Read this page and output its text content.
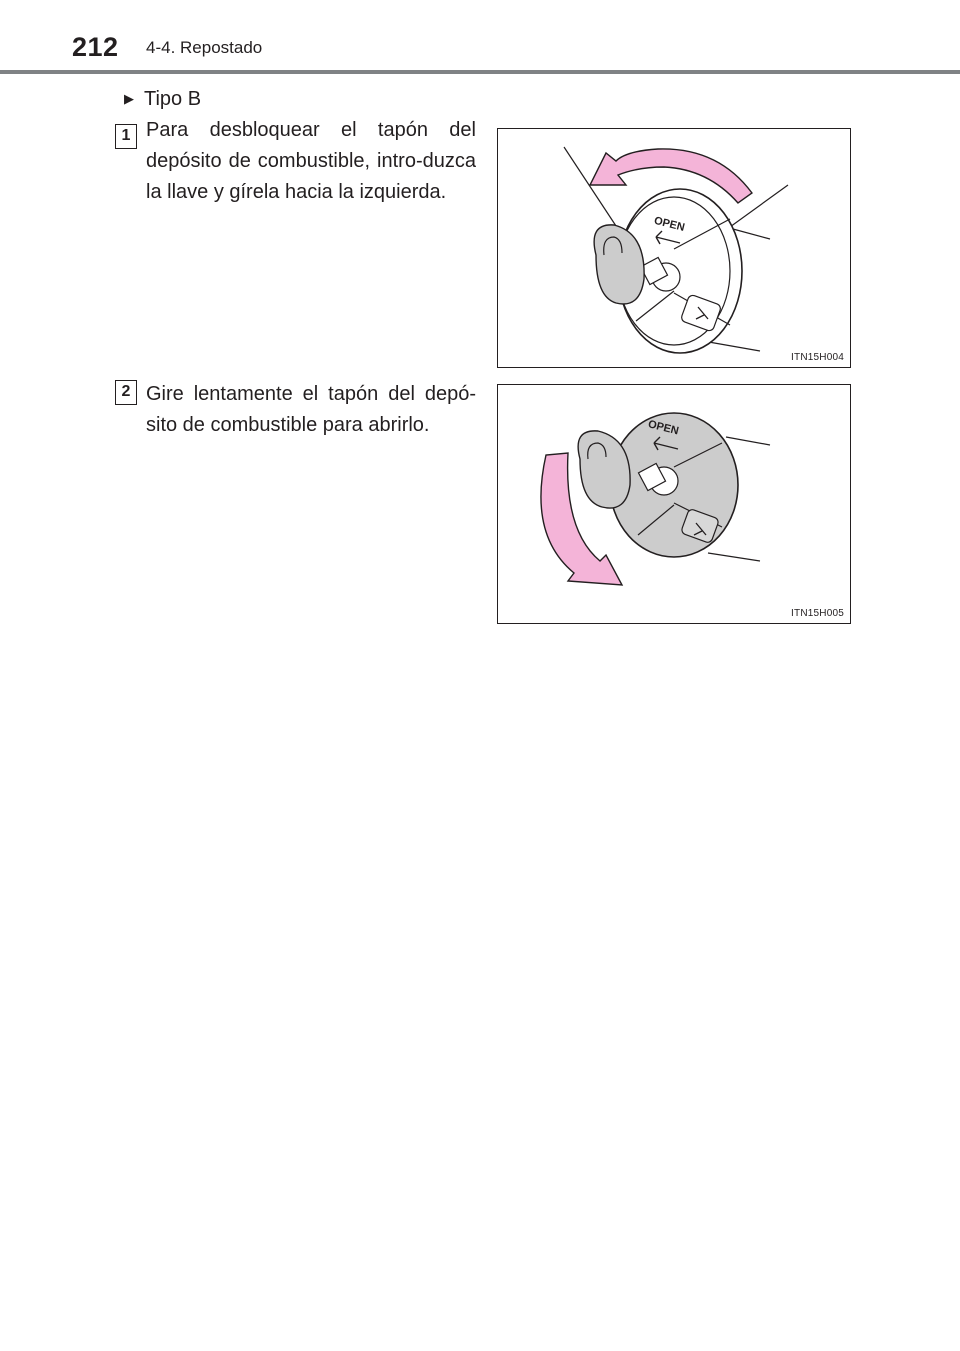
212 4-4. Repostado
▶ Tipo B
1 Para desbloquear el tapón del depósito de combustible, intro-duzca la llave y gírela hacia la izquierda.
OPEN
ITN15H004
2 Gire lentamente el tapón del depó-sito de combustible para abrirlo.	OPEN
ITN15H005
